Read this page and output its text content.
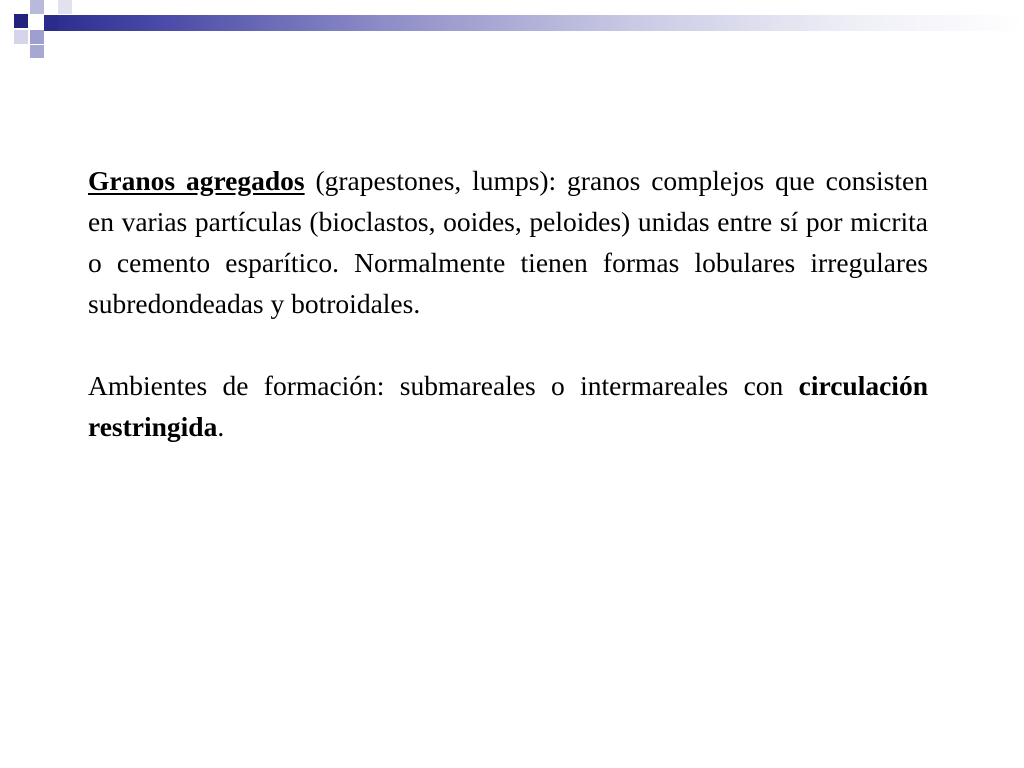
Granos agregados (grapestones, lumps): granos complejos que consisten en varias partículas (bioclastos, ooides, peloides) unidas entre sí por micrita o cemento esparítico. Normalmente tienen formas lobulares irregulares subredondeadas y botroidales.

Ambientes de formación: submareales o intermareales con circulación restringida.
